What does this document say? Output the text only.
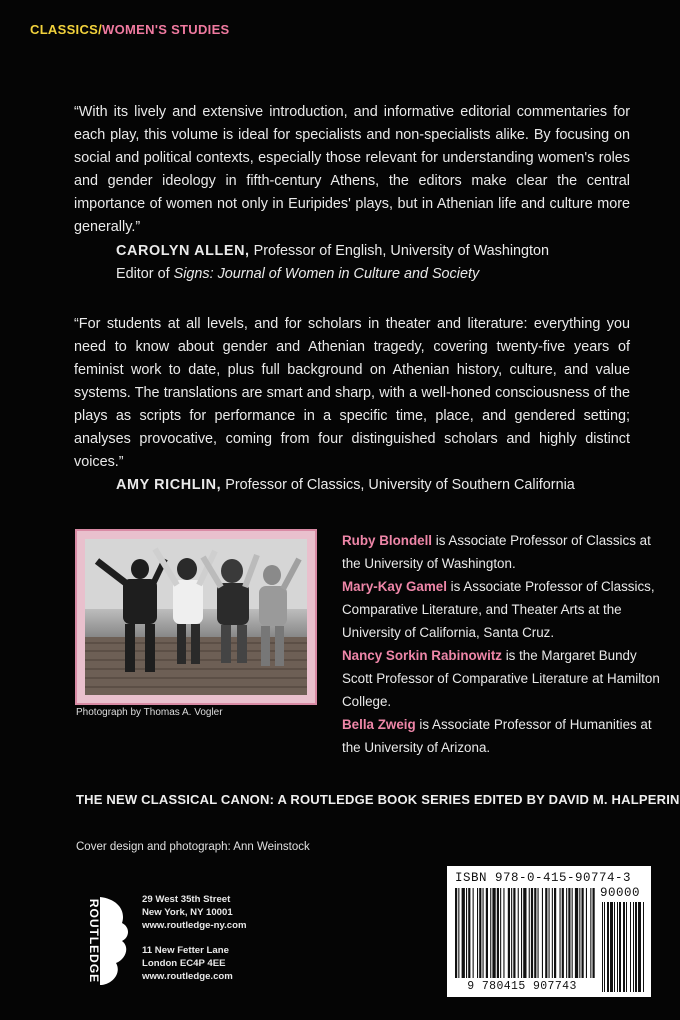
CLASSICS/WOMEN'S STUDIES
“With its lively and extensive introduction, and informative editorial commentaries for each play, this volume is ideal for specialists and non-specialists alike. By focusing on social and political contexts, especially those relevant for understanding women's roles and gender ideology in fifth-century Athens, the editors make clear the central importance of women not only in Euripides' plays, but in Athenian life and culture more generally.”
CAROLYN ALLEN, Professor of English, University of Washington
Editor of Signs: Journal of Women in Culture and Society
“For students at all levels, and for scholars in theater and literature: everything you need to know about gender and Athenian tragedy, covering twenty-five years of feminist work to date, plus full background on Athenian history, culture, and value systems. The translations are smart and sharp, with a well-honed consciousness of the plays as scripts for performance in a specific time, place, and gendered setting; analyses provocative, coming from four distinguished scholars and highly distinct voices.”
AMY RICHLIN, Professor of Classics, University of Southern California
Photograph by Thomas A. Vogler
Ruby Blondell is Associate Professor of Classics at the University of Washington.
Mary-Kay Gamel is Associate Professor of Classics, Comparative Literature, and Theater Arts at the University of California, Santa Cruz.
Nancy Sorkin Rabinowitz is the Margaret Bundy Scott Professor of Comparative Literature at Hamilton College.
Bella Zweig is Associate Professor of Humanities at the University of Arizona.
THE NEW CLASSICAL CANON: A ROUTLEDGE BOOK SERIES EDITED BY DAVID M. HALPERIN
Cover design and photograph: Ann Weinstock
ROUTLEDGE	29 West 35th Street
New York, NY 10001
www.routledge-ny.com
11 New Fetter Lane
London EC4P 4EE
www.routledge.com
ISBN 978-0-415-90774-3
90000
9 780415 907743
